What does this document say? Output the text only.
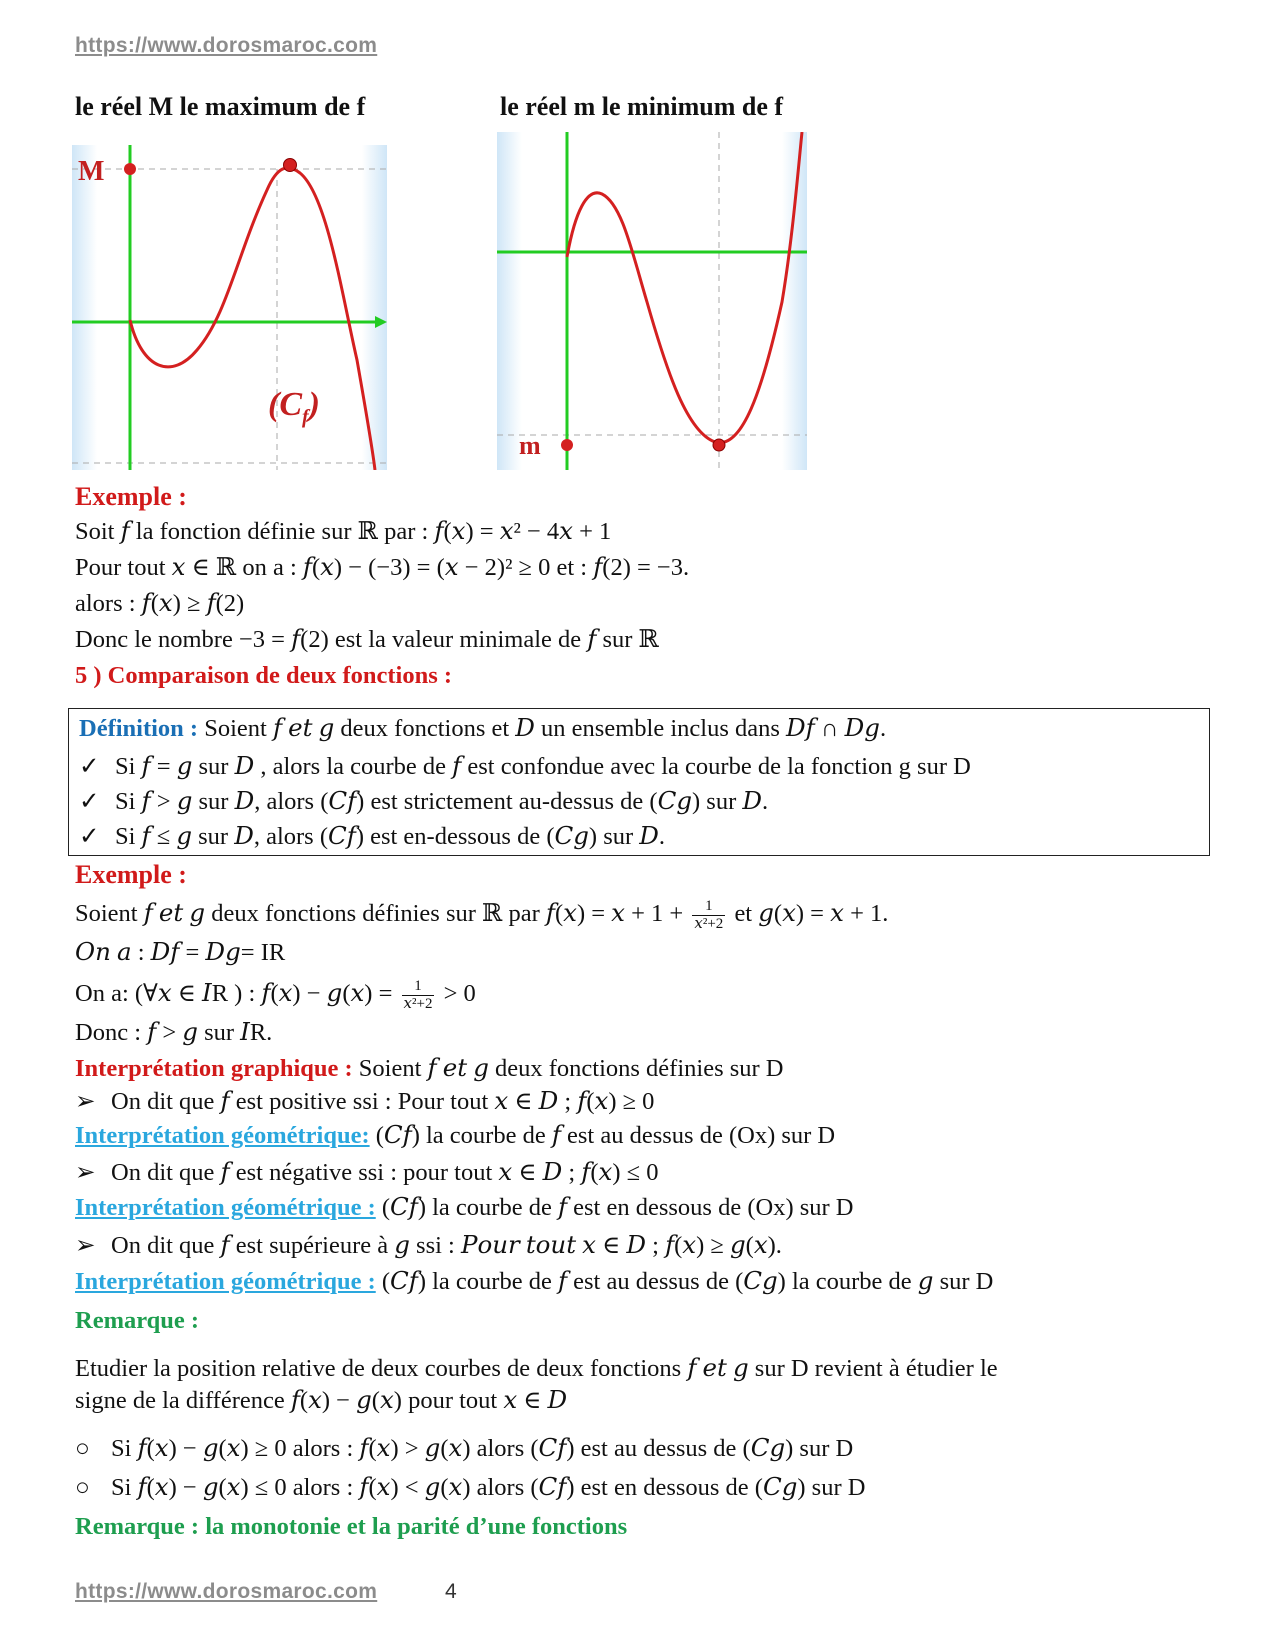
https://www.dorosmaroc.com
le réel M le maximum de f	le réel m le minimum de f
M
$(C_f)$
m
Exemple :
Soit 𝑓 la fonction définie sur ℝ par : 𝑓(𝑥) = 𝑥² − 4𝑥 + 1
Pour tout 𝑥 ∈ ℝ on a : 𝑓(𝑥) − (−3) = (𝑥 − 2)² ≥ 0 et : 𝑓(2) = −3.
alors : 𝑓(𝑥) ≥ 𝑓(2)
Donc le nombre −3 = 𝑓(2) est la valeur minimale de 𝑓 sur ℝ
5 ) Comparaison de deux fonctions :
Définition : Soient 𝑓 𝑒𝑡 𝑔 deux fonctions et 𝐷 un ensemble inclus dans 𝐷𝑓 ∩ 𝐷𝑔.
✓ Si 𝑓 = 𝑔 sur 𝐷 , alors la courbe de 𝑓 est confondue avec la courbe de la fonction g sur D
✓ Si 𝑓 > 𝑔 sur 𝐷, alors (𝐶𝑓) est strictement au-dessus de (𝐶𝑔) sur 𝐷.
✓ Si 𝑓 ≤ 𝑔 sur 𝐷, alors (𝐶𝑓) est en-dessous de (𝐶𝑔) sur 𝐷.
Exemple :
Soient 𝑓 𝑒𝑡 𝑔 deux fonctions définies sur ℝ par 𝑓(𝑥) = 𝑥 + 1 +	1
𝑥²+2 et 𝑔(𝑥) = 𝑥 + 1.
𝑂𝑛 𝑎 : 𝐷𝑓 = 𝐷𝑔= IR
On a: (∀𝑥 ∈ 𝐼R ) : 𝑓(𝑥) − 𝑔(𝑥) =	1
𝑥²+2 > 0
Donc : 𝑓 > 𝑔 sur 𝐼R.
Interprétation graphique : Soient 𝑓 𝑒𝑡 𝑔 deux fonctions définies sur D
➢ On dit que 𝑓 est positive ssi : Pour tout 𝑥 ∈ 𝐷 ; 𝑓(𝑥) ≥ 0
Interprétation géométrique: (𝐶𝑓) la courbe de 𝑓 est au dessus de (Ox) sur D
➢ On dit que 𝑓 est négative ssi : pour tout 𝑥 ∈ 𝐷 ; 𝑓(𝑥) ≤ 0
Interprétation géométrique : (𝐶𝑓) la courbe de 𝑓 est en dessous de (Ox) sur D
➢ On dit que 𝑓 est supérieure à 𝑔 ssi : 𝑃𝑜𝑢𝑟 𝑡𝑜𝑢𝑡 𝑥 ∈ 𝐷 ; 𝑓(𝑥) ≥ 𝑔(𝑥).
Interprétation géométrique : (𝐶𝑓) la courbe de 𝑓 est au dessus de (𝐶𝑔) la courbe de 𝑔 sur D
Remarque :
Etudier la position relative de deux courbes de deux fonctions 𝑓 𝑒𝑡 𝑔 sur D revient à étudier le
signe de la différence 𝑓(𝑥) − 𝑔(𝑥) pour tout 𝑥 ∈ 𝐷
○ Si 𝑓(𝑥) − 𝑔(𝑥) ≥ 0 alors : 𝑓(𝑥) > 𝑔(𝑥) alors (𝐶𝑓) est au dessus de (𝐶𝑔) sur D
○ Si 𝑓(𝑥) − 𝑔(𝑥) ≤ 0 alors : 𝑓(𝑥) < 𝑔(𝑥) alors (𝐶𝑓) est en dessous de (𝐶𝑔) sur D
Remarque : la monotonie et la parité d’une fonctions
https://www.dorosmaroc.com	4
